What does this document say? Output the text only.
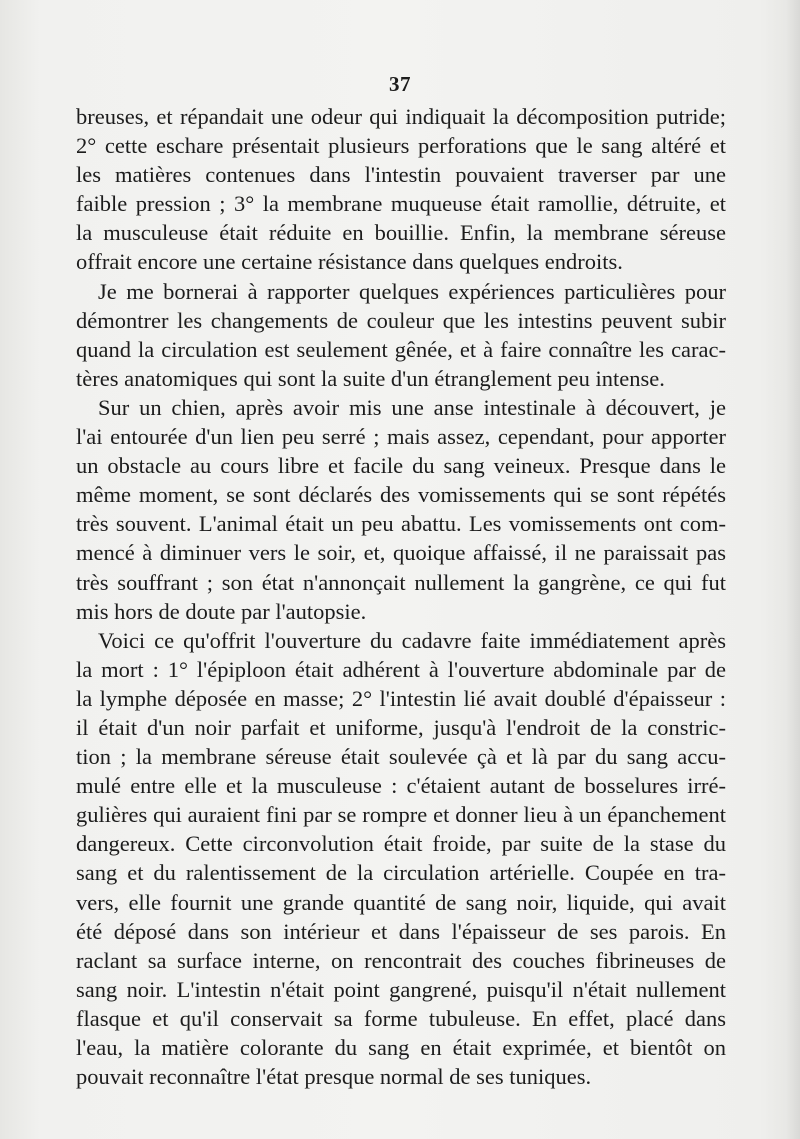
37
breuses, et répandait une odeur qui indiquait la décomposition putride;
2° cette eschare présentait plusieurs perforations que le sang altéré et
les matières contenues dans l'intestin pouvaient traverser par une
faible pression ; 3° la membrane muqueuse était ramollie, détruite, et
la musculeuse était réduite en bouillie. Enfin, la membrane séreuse
offrait encore une certaine résistance dans quelques endroits.
Je me bornerai à rapporter quelques expériences particulières pour
démontrer les changements de couleur que les intestins peuvent subir
quand la circulation est seulement gênée, et à faire connaître les carac-
tères anatomiques qui sont la suite d'un étranglement peu intense.
Sur un chien, après avoir mis une anse intestinale à découvert, je
l'ai entourée d'un lien peu serré ; mais assez, cependant, pour apporter
un obstacle au cours libre et facile du sang veineux. Presque dans le
même moment, se sont déclarés des vomissements qui se sont répétés
très souvent. L'animal était un peu abattu. Les vomissements ont com-
mencé à diminuer vers le soir, et, quoique affaissé, il ne paraissait pas
très souffrant ; son état n'annonçait nullement la gangrène, ce qui fut
mis hors de doute par l'autopsie.
Voici ce qu'offrit l'ouverture du cadavre faite immédiatement après
la mort : 1° l'épiploon était adhérent à l'ouverture abdominale par de
la lymphe déposée en masse; 2° l'intestin lié avait doublé d'épaisseur :
il était d'un noir parfait et uniforme, jusqu'à l'endroit de la constric-
tion ; la membrane séreuse était soulevée çà et là par du sang accu-
mulé entre elle et la musculeuse : c'étaient autant de bosselures irré-
gulières qui auraient fini par se rompre et donner lieu à un épanchement
dangereux. Cette circonvolution était froide, par suite de la stase du
sang et du ralentissement de la circulation artérielle. Coupée en tra-
vers, elle fournit une grande quantité de sang noir, liquide, qui avait
été déposé dans son intérieur et dans l'épaisseur de ses parois. En
raclant sa surface interne, on rencontrait des couches fibrineuses de
sang noir. L'intestin n'était point gangrené, puisqu'il n'était nullement
flasque et qu'il conservait sa forme tubuleuse. En effet, placé dans
l'eau, la matière colorante du sang en était exprimée, et bientôt on
pouvait reconnaître l'état presque normal de ses tuniques.
